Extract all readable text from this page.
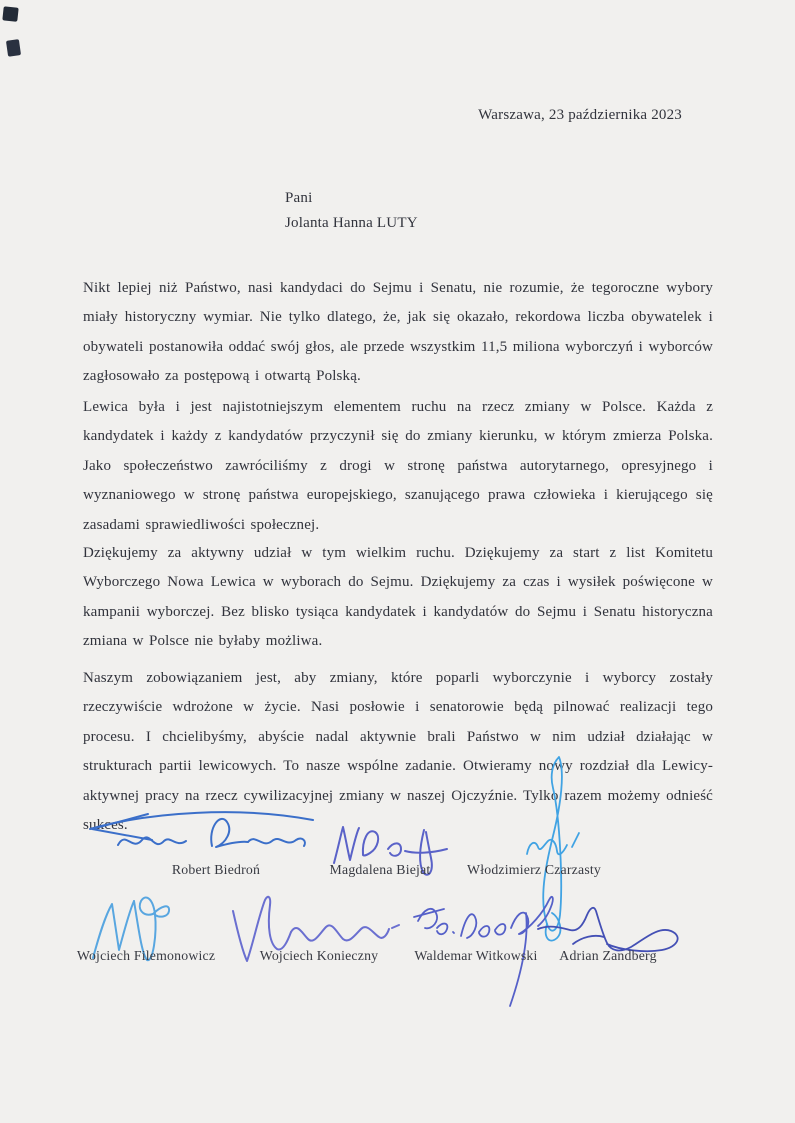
Warszawa, 23 października 2023
Pani
Jolanta Hanna LUTY

Nikt lepiej niż Państwo, nasi kandydaci do Sejmu i Senatu, nie rozumie, że tegoroczne wybory miały historyczny wymiar. Nie tylko dlatego, że, jak się okazało, rekordowa liczba obywatelek i obywateli postanowiła oddać swój głos, ale przede wszystkim 11,5 miliona wyborczyń i wyborców zagłosowało za postępową i otwartą Polską.

Lewica była i jest najistotniejszym elementem ruchu na rzecz zmiany w Polsce. Każda z kandydatek i każdy z kandydatów przyczynił się do zmiany kierunku, w którym zmierza Polska. Jako społeczeństwo zawróciliśmy z drogi w stronę państwa autorytarnego, opresyjnego i wyznaniowego w stronę państwa europejskiego, szanującego prawa człowieka i kierującego się zasadami sprawiedliwości społecznej.

Dziękujemy za aktywny udział w tym wielkim ruchu. Dziękujemy za start z list Komitetu Wyborczego Nowa Lewica w wyborach do Sejmu. Dziękujemy za czas i wysiłek poświęcone w kampanii wyborczej. Bez blisko tysiąca kandydatek i kandydatów do Sejmu i Senatu historyczna zmiana w Polsce nie byłaby możliwa.

Naszym zobowiązaniem jest, aby zmiany, które poparli wyborczynie i wyborcy zostały rzeczywiście wdrożone w życie. Nasi posłowie i senatorowie będą pilnować realizacji tego procesu. I chcielibyśmy, abyście nadal aktywnie brali Państwo w nim udział działając w strukturach partii lewicowych. To nasze wspólne zadanie. Otwieramy nowy rozdział dla Lewicy- aktywnej pracy na rzecz cywilizacyjnej zmiany w naszej Ojczyźnie. Tylko razem możemy odnieść sukces.

Robert Biedroń	Magdalena Biejat	Włodzimierz Czarzasty
Wojciech Filemonowicz	Wojciech Konieczny	Waldemar Witkowski	Adrian Zandberg
